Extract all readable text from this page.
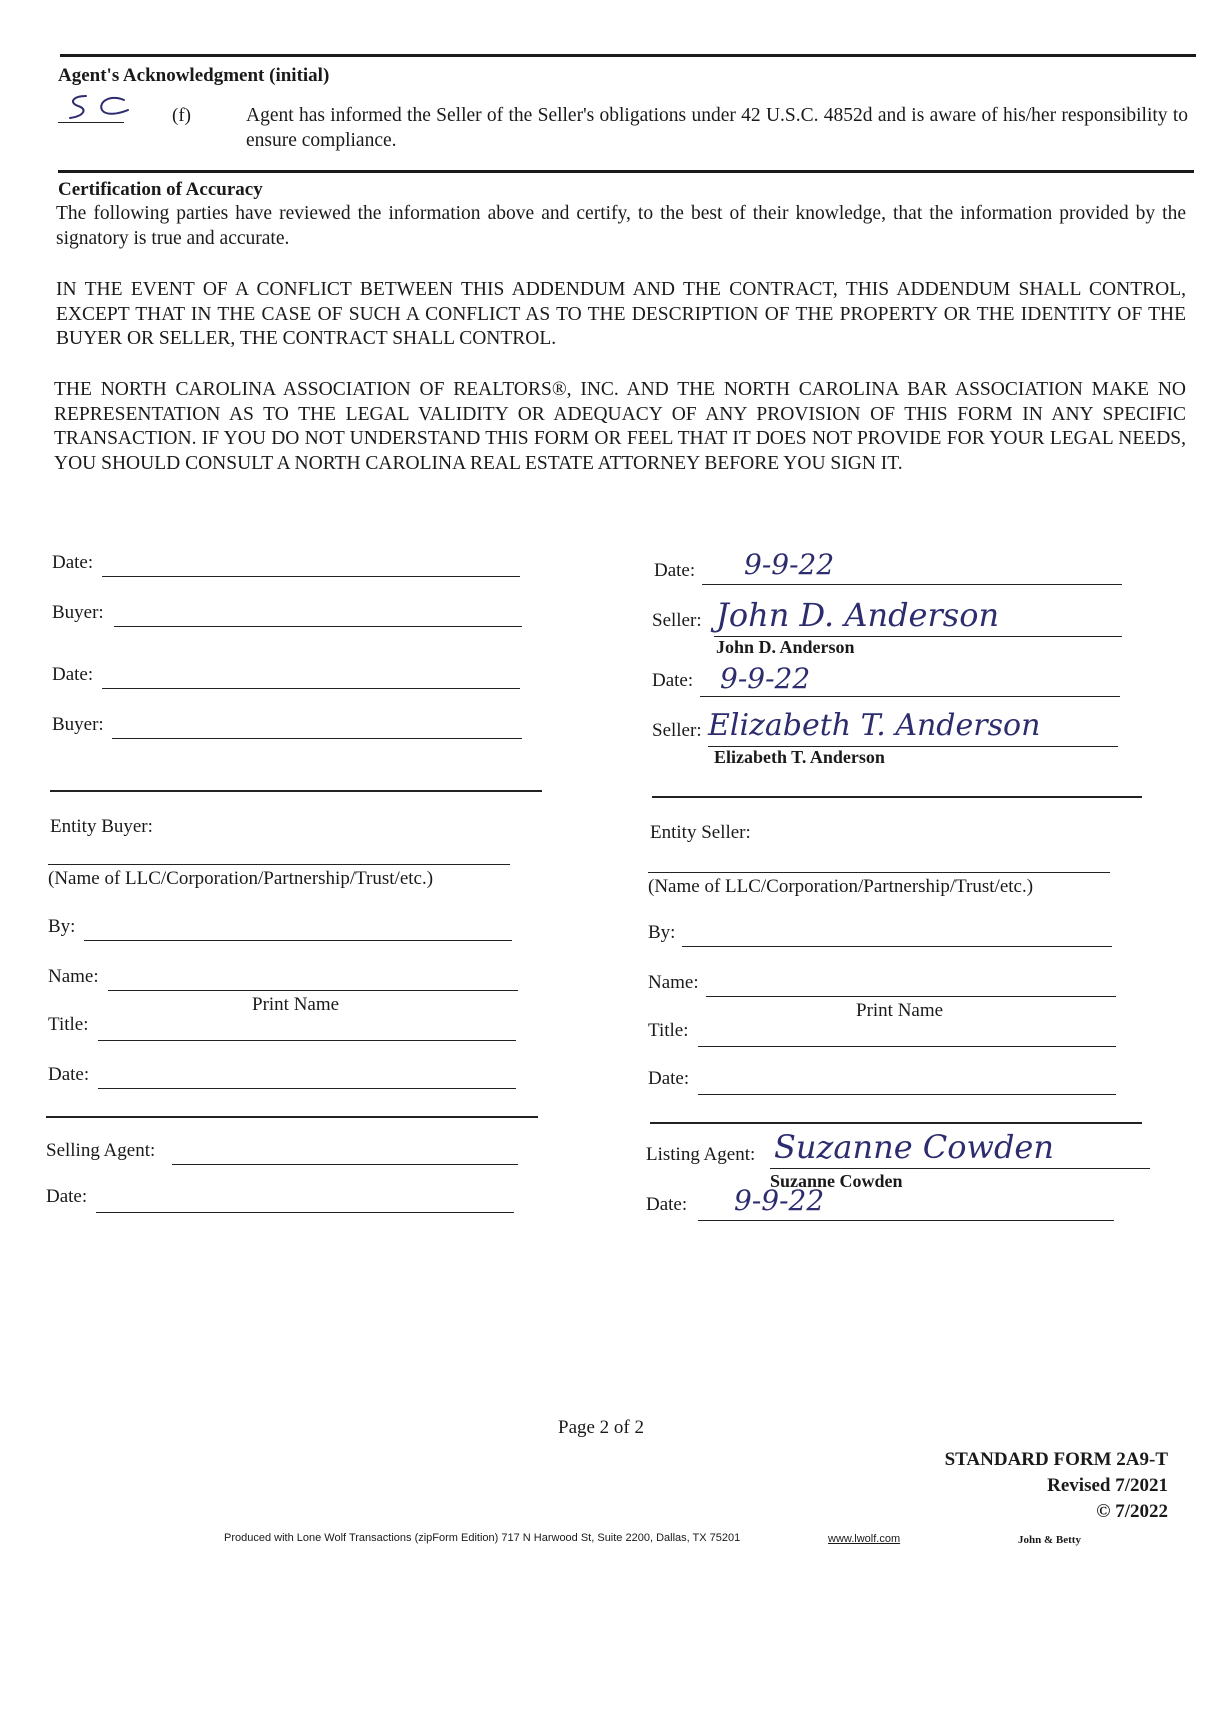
Agent's Acknowledgment (initial)
(f)	Agent has informed the Seller of the Seller's obligations under 42 U.S.C. 4852d and is aware of his/her responsibility to ensure compliance.

Certification of Accuracy

The following parties have reviewed the information above and certify, to the best of their knowledge, that the information provided by the signatory is true and accurate.

IN THE EVENT OF A CONFLICT BETWEEN THIS ADDENDUM AND THE CONTRACT, THIS ADDENDUM SHALL CONTROL, EXCEPT THAT IN THE CASE OF SUCH A CONFLICT AS TO THE DESCRIPTION OF THE PROPERTY OR THE IDENTITY OF THE BUYER OR SELLER, THE CONTRACT SHALL CONTROL.

THE NORTH CAROLINA ASSOCIATION OF REALTORS®, INC. AND THE NORTH CAROLINA BAR ASSOCIATION MAKE NO REPRESENTATION AS TO THE LEGAL VALIDITY OR ADEQUACY OF ANY PROVISION OF THIS FORM IN ANY SPECIFIC TRANSACTION. IF YOU DO NOT UNDERSTAND THIS FORM OR FEEL THAT IT DOES NOT PROVIDE FOR YOUR LEGAL NEEDS, YOU SHOULD CONSULT A NORTH CAROLINA REAL ESTATE ATTORNEY BEFORE YOU SIGN IT.

Date:
Buyer:
Date:
Buyer:
Entity Buyer:
(Name of LLC/Corporation/Partnership/Trust/etc.)
By:
Name:
Print Name
Title:
Date:
Selling Agent:
Date:
Date: 9-9-22
Seller: John D. Anderson
John D. Anderson
Date: 9-9-22
Seller: Elizabeth T. Anderson
Elizabeth T. Anderson
Entity Seller:
(Name of LLC/Corporation/Partnership/Trust/etc.)
By:
Name:
Print Name
Title:
Date:
Listing Agent: Suzanne Cowden
Suzanne Cowden
Date: 9-9-22
Page 2 of 2
STANDARD FORM 2A9-T
Revised 7/2021
© 7/2022
Produced with Lone Wolf Transactions (zipForm Edition) 717 N Harwood St, Suite 2200, Dallas, TX 75201	www.lwolf.com	John & Betty
